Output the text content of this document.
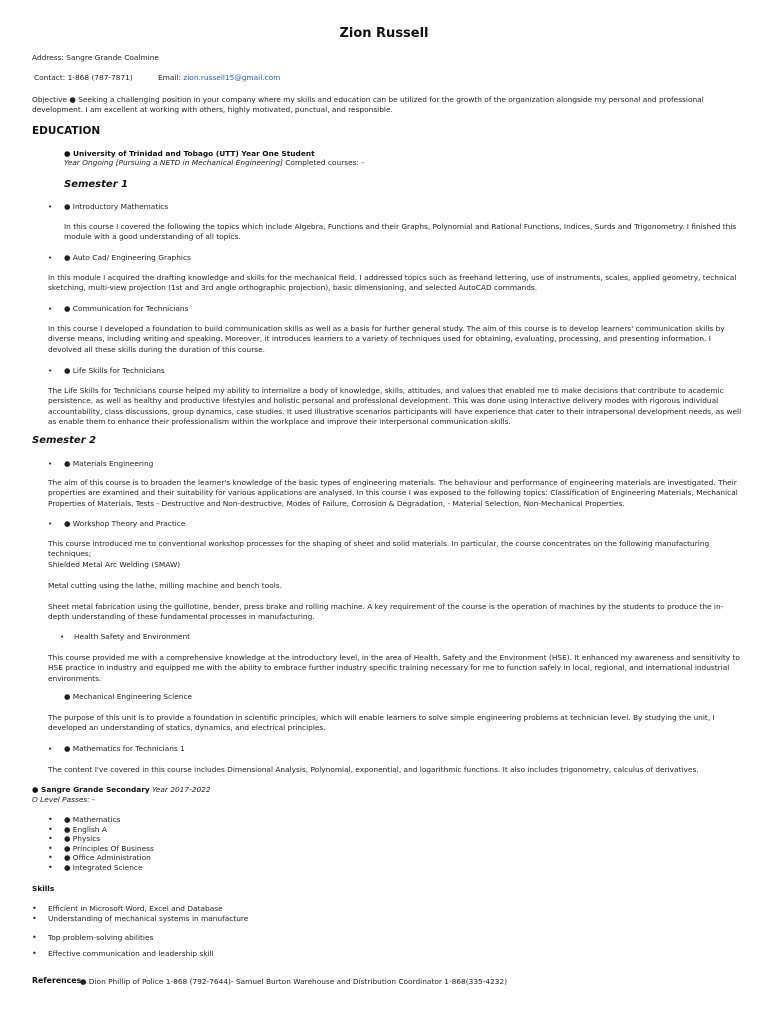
Zion Russell
Address: Sangre Grande Coalmine
Contact: 1-868 (787-7871)	Email: zion.russell15@gmail.com
Objective ● Seeking a challenging position in your company where my skills and education can be utilized for the growth of the organization alongside my personal and professional development. I am excellent at working with others, highly motivated, punctual, and responsible.
EDUCATION
● University of Trinidad and Tobago (UTT) Year One Student
Year Ongoing [Pursuing a NETD in Mechanical Engineering] Completed courses: -
Semester 1
• ● Introductory Mathematics
In this course I covered the following the topics which include Algebra, Functions and their Graphs, Polynomial and Rational Functions, Indices, Surds and Trigonometry. I finished this module with a good understanding of all topics.
• ● Auto Cad/ Engineering Graphics
In this module I acquired the drafting knowledge and skills for the mechanical field. I addressed topics such as freehand lettering, use of instruments, scales, applied geometry, technical sketching, multi-view projection (1st and 3rd angle orthographic projection), basic dimensioning, and selected AutoCAD commands.
• ● Communication for Technicians
In this course I developed a foundation to build communication skills as well as a basis for further general study. The aim of this course is to develop learners' communication skills by diverse means, including writing and speaking. Moreover, it introduces learners to a variety of techniques used for obtaining, evaluating, processing, and presenting information. I devolved all these skills during the duration of this course.
• ● Life Skills for Technicians
The Life Skills for Technicians course helped my ability to internalize a body of knowledge, skills, attitudes, and values that enabled me to make decisions that contribute to academic persistence, as well as healthy and productive lifestyles and holistic personal and professional development. This was done using interactive delivery modes with rigorous individual accountability, class discussions, group dynamics, case studies. It used illustrative scenarios participants will have experience that cater to their intrapersonal development needs, as well as enable them to enhance their professionalism within the workplace and improve their interpersonal communication skills.
Semester 2
• ● Materials Engineering
The aim of this course is to broaden the learner's knowledge of the basic types of engineering materials. The behaviour and performance of engineering materials are investigated. Their properties are examined and their suitability for various applications are analysed. In this course I was exposed to the following topics: Classification of Engineering Materials, Mechanical Properties of Materials, Tests - Destructive and Non-destructive, Modes of Failure, Corrosion & Degradation, - Material Selection, Non-Mechanical Properties.
• ● Workshop Theory and Practice
This course introduced me to conventional workshop processes for the shaping of sheet and solid materials. In particular, the course concentrates on the following manufacturing techniques;
Shielded Metal Arc Welding (SMAW)
Metal cutting using the lathe, milling machine and bench tools.
Sheet metal fabrication using the guillotine, bender, press brake and rolling machine. A key requirement of the course is the operation of machines by the students to produce the in-depth understanding of these fundamental processes in manufacturing.
• Health Safety and Environment
This course provided me with a comprehensive knowledge at the introductory level, in the area of Health, Safety and the Environment (HSE). It enhanced my awareness and sensitivity to HSE practice in industry and equipped me with the ability to embrace further industry specific training necessary for me to function safely in local, regional, and international industrial environments.
● Mechanical Engineering Science
The purpose of this unit is to provide a foundation in scientific principles, which will enable learners to solve simple engineering problems at technician level. By studying the unit, I developed an understanding of statics, dynamics, and electrical principles.
• ● Mathematics for Technicians 1
The content I've covered in this course includes Dimensional Analysis, Polynomial, exponential, and logarithmic functions. It also includes trigonometry, calculus of derivatives.
● Sangre Grande Secondary Year 2017-2022
O Level Passes: -
• ● Mathematics
• ● English A
• ● Physics
• ● Principles Of Business
• ● Office Administration
• ● Integrated Science
Skills
• Efficient in Microsoft Word, Excel and Database
• Understanding of mechanical systems in manufacture
• Top problem-solving abilities
• Effective communication and leadership skill
References
● Dion Phillip of Police 1-868 (792-7644)- Samuel Burton Warehouse and Distribution Coordinator 1-868(335-4232)
